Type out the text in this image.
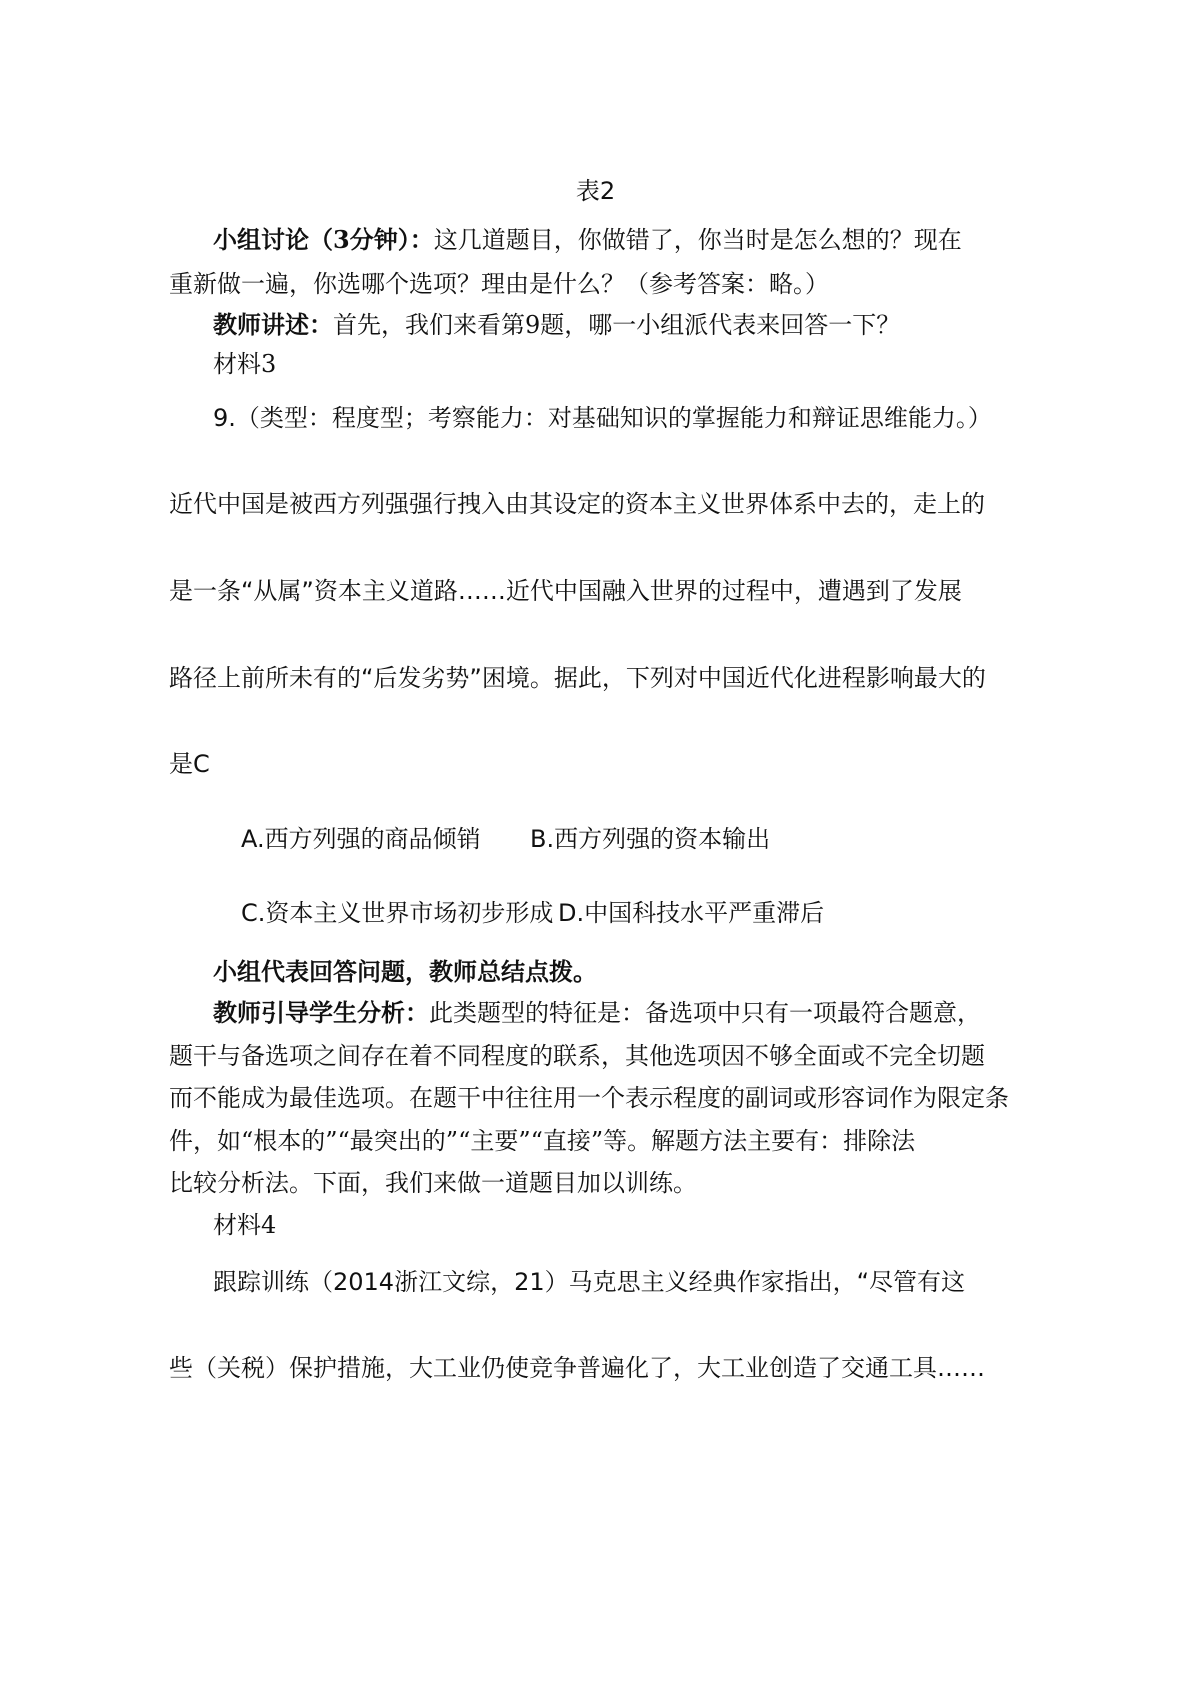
表2
小组讨论（3分钟）：这几道题目，你做错了，你当时是怎么想的？现在
重新做一遍，你选哪个选项？理由是什么？（参考答案：略。）
教师讲述：首先，我们来看第9题，哪一小组派代表来回答一下？
材料3
9.（类型：程度型；考察能力：对基础知识的掌握能力和辩证思维能力。）
近代中国是被西方列强强行拽入由其设定的资本主义世界体系中去的，走上的
是一条“从属”资本主义道路……近代中国融入世界的过程中，遭遇到了发展
路径上前所未有的“后发劣势”困境。据此，下列对中国近代化进程影响最大的
是C
A.西方列强的商品倾销 B.西方列强的资本输出
C.资本主义世界市场初步形成 D.中国科技水平严重滞后
小组代表回答问题，教师总结点拨。
教师引导学生分析：此类题型的特征是：备选项中只有一项最符合题意，
题干与备选项之间存在着不同程度的联系，其他选项因不够全面或不完全切题
而不能成为最佳选项。在题干中往往用一个表示程度的副词或形容词作为限定条
件，如“根本的”“最突出的”“主要”“直接”等。解题方法主要有：排除法
比较分析法。下面，我们来做一道题目加以训练。
材料4
跟踪训练（2014浙江文综，21）马克思主义经典作家指出，“尽管有这
些（关税）保护措施，大工业仍使竞争普遍化了，大工业创造了交通工具……
